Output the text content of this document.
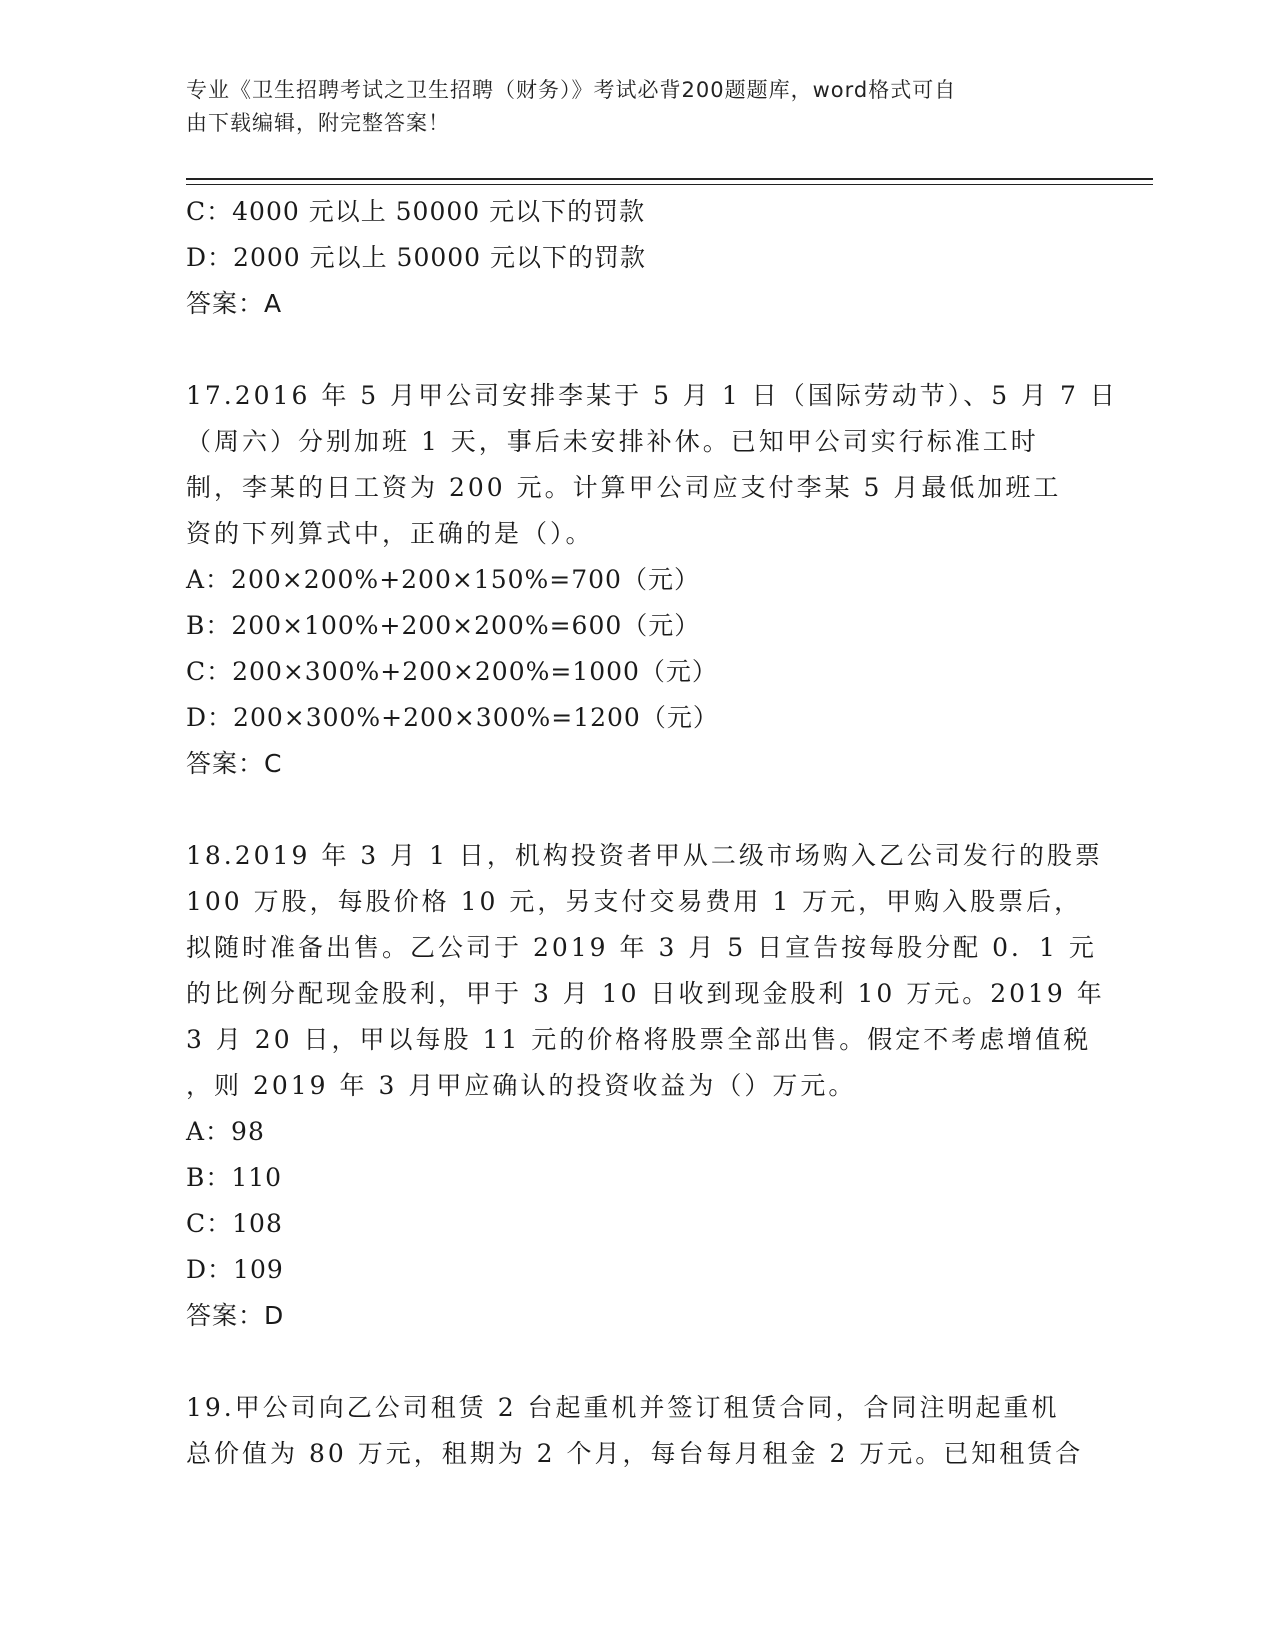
专业《卫生招聘考试之卫生招聘（财务）》考试必背200题题库，word格式可自
由下载编辑，附完整答案！
C：4000 元以上 50000 元以下的罚款
D：2000 元以上 50000 元以下的罚款
答案：A
17.2016 年 5 月甲公司安排李某于 5 月 1 日（国际劳动节）、5 月 7 日
（周六）分别加班 1 天，事后未安排补休。已知甲公司实行标准工时
制，李某的日工资为 200 元。计算甲公司应支付李某 5 月最低加班工
资的下列算式中，正确的是（）。
A：200×200%+200×150%=700（元）
B：200×100%+200×200%=600（元）
C：200×300%+200×200%=1000（元）
D：200×300%+200×300%=1200（元）
答案：C
18.2019 年 3 月 1 日，机构投资者甲从二级市场购入乙公司发行的股票
100 万股，每股价格 10 元，另支付交易费用 1 万元，甲购入股票后，
拟随时准备出售。乙公司于 2019 年 3 月 5 日宣告按每股分配 0．1 元
的比例分配现金股利，甲于 3 月 10 日收到现金股利 10 万元。2019 年
3 月 20 日，甲以每股 11 元的价格将股票全部出售。假定不考虑增值税
，则 2019 年 3 月甲应确认的投资收益为（）万元。
A：98
B：110
C：108
D：109
答案：D
19.甲公司向乙公司租赁 2 台起重机并签订租赁合同，合同注明起重机
总价值为 80 万元，租期为 2 个月，每台每月租金 2 万元。已知租赁合
